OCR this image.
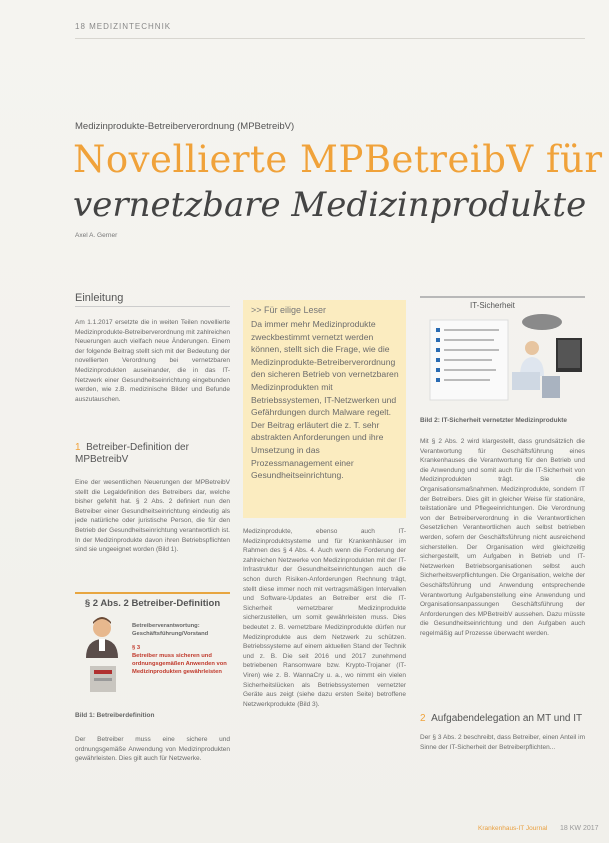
18 MEDIZINTECHNIK
Medizinprodukte-Betreiberverordnung (MPBetreibV)
Novellierte MPBetreibV für
vernetzbare Medizinprodukte
Axel A. Gerner
Einleitung
Am 1.1.2017 ersetzte die in weiten Teilen novellierte Medizinprodukte-Betreiberverordnung mit zahlreichen Neuerungen auch vielfach neue Änderungen. Einem der folgende Beitrag stellt sich mit der Bedeutung der novellierten Verordnung bei vernetzbaren Medizinprodukten auseinander, die in das IT-Netzwerk einer Gesundheitseinrichtung eingebunden werden, wie z.B. medizinische Bilder und Befunde auszutauschen.
1 Betreiber-Definition der MPBetreibV
Eine der wesentlichen Neuerungen der MPBetreibV stellt die Legaldefinition des Betreibers dar, welche bisher gefehlt hat. § 2 Abs. 2 definiert nun den Betreiber einer Gesundheitseinrichtung eindeutig als jede natürliche oder juristische Person, die für den Betrieb der Gesundheitseinrichtung verantwortlich ist. In der Medizinprodukte davon ihren Betriebspflichten sind sie ungeeignet worden (Bild 1).
§ 2 Abs. 2 Betreiber-Definition
Betreiberverantwortung: Geschäftsführung/Vorstand
§ 3
Betreiber muss sicheren und ordnungsgemäßen Anwenden von Medizinprodukten gewährleisten
Bild 1: Betreiberdefinition
Der Betreiber muss eine sichere und ordnungsgemäße Anwendung von Medizinprodukten gewährleisten. Dies gilt auch für Netzwerke.
>> Für eilige Leser
Da immer mehr Medizinprodukte zweckbestimmt vernetzt werden können, stellt sich die Frage, wie die Medizinprodukte-Betreiberverordnung den sicheren Betrieb von vernetzbaren Medizinprodukten mit Betriebssystemen, IT-Netzwerken und Gefährdungen durch Malware regelt. Der Beitrag erläutert die z. T. sehr abstrakten Anforderungen und ihre Umsetzung in das Prozessmanagement einer Gesundheitseinrichtung.
Medizinprodukte, ebenso auch IT-Medizinproduktsysteme und für Krankenhäuser im Rahmen des § 4 Abs. 4. Auch wenn die Forderung der zahlreichen Netzwerke von Medizinprodukten mit der IT-Infrastruktur der Gesundheitseinrichtungen auch die schon durch Risiken-Anforderungen Rechnung trägt, stellt diese immer noch mit vertragsmäßigen Intervallen und Software-Updates an Betreiber erst die IT-Sicherheit vernetzbarer Medizinprodukte sicherzustellen, um somit gewährleisten muss. Dies bedeutet z. B. vernetzbare Medizinprodukte dürfen nur Medizinprodukte aus dem Netzwerk zu schützen. Betriebssysteme auf einem aktuellen Stand der Technik und z. B. Die seit 2016 und 2017 zunehmend betriebenen Ransomware bzw. Krypto-Trojaner (IT-Viren) wie z. B. WannaCry u. a., wo nimmt ein vielen Sicherheitslücken als Betriebssystemen vernetzter Geräte aus zeigt (siehe dazu ersten Seite) betroffene Netzwerkprodukte (Bild 3).
IT-Sicherheit
Bild 2: IT-Sicherheit vernetzter Medizinprodukte
Mit § 2 Abs. 2 wird klargestellt, dass grundsätzlich die Verantwortung für Geschäftsführung eines Krankenhauses die Verantwortung für den Betrieb und die Anwendung und somit auch für die IT-Sicherheit von Medizinprodukten trägt. Sie die Organisationsmaßnahmen. Medizinprodukte, sondern IT der Betreibers. Dies gilt in gleicher Weise für stationäre, teilstationäre und Pflegeeinrichtungen. Die Verordnung von der Betreiberverordnung in die Verantwortlichen Gesetzlichen Verantwortlichen auch selbst betrieben werden, sofern der Geschäftsführung nicht ausreichend sicherstellen. Der Organisation wird gleichzeitig sichergestellt, um Aufgaben in Betrieb und IT-Netzwerken Betriebsorganisationen selbst auch Sicherheitsverpflichtungen. Die Organisation, welche der Geschäftsführung und Anwendung entsprechende Verantwortung Aufgabenstellung eine Anwendung und Organisationsanpassungen Geschäftsführung der Anforderungen des MPBetreibV aussehen. Dazu müsste die Gesundheitseinrichtung und den Aufgaben auch regelmäßig auf Prozesse überwacht werden.
2 Aufgabendelegation an MT und IT
Der § 3 Abs. 2 beschreibt, dass Betreiber, einen Anteil im Sinne der IT-Sicherheit der Betreiberpflichten...
Krankenhaus-IT Journal 18 KW 2017
